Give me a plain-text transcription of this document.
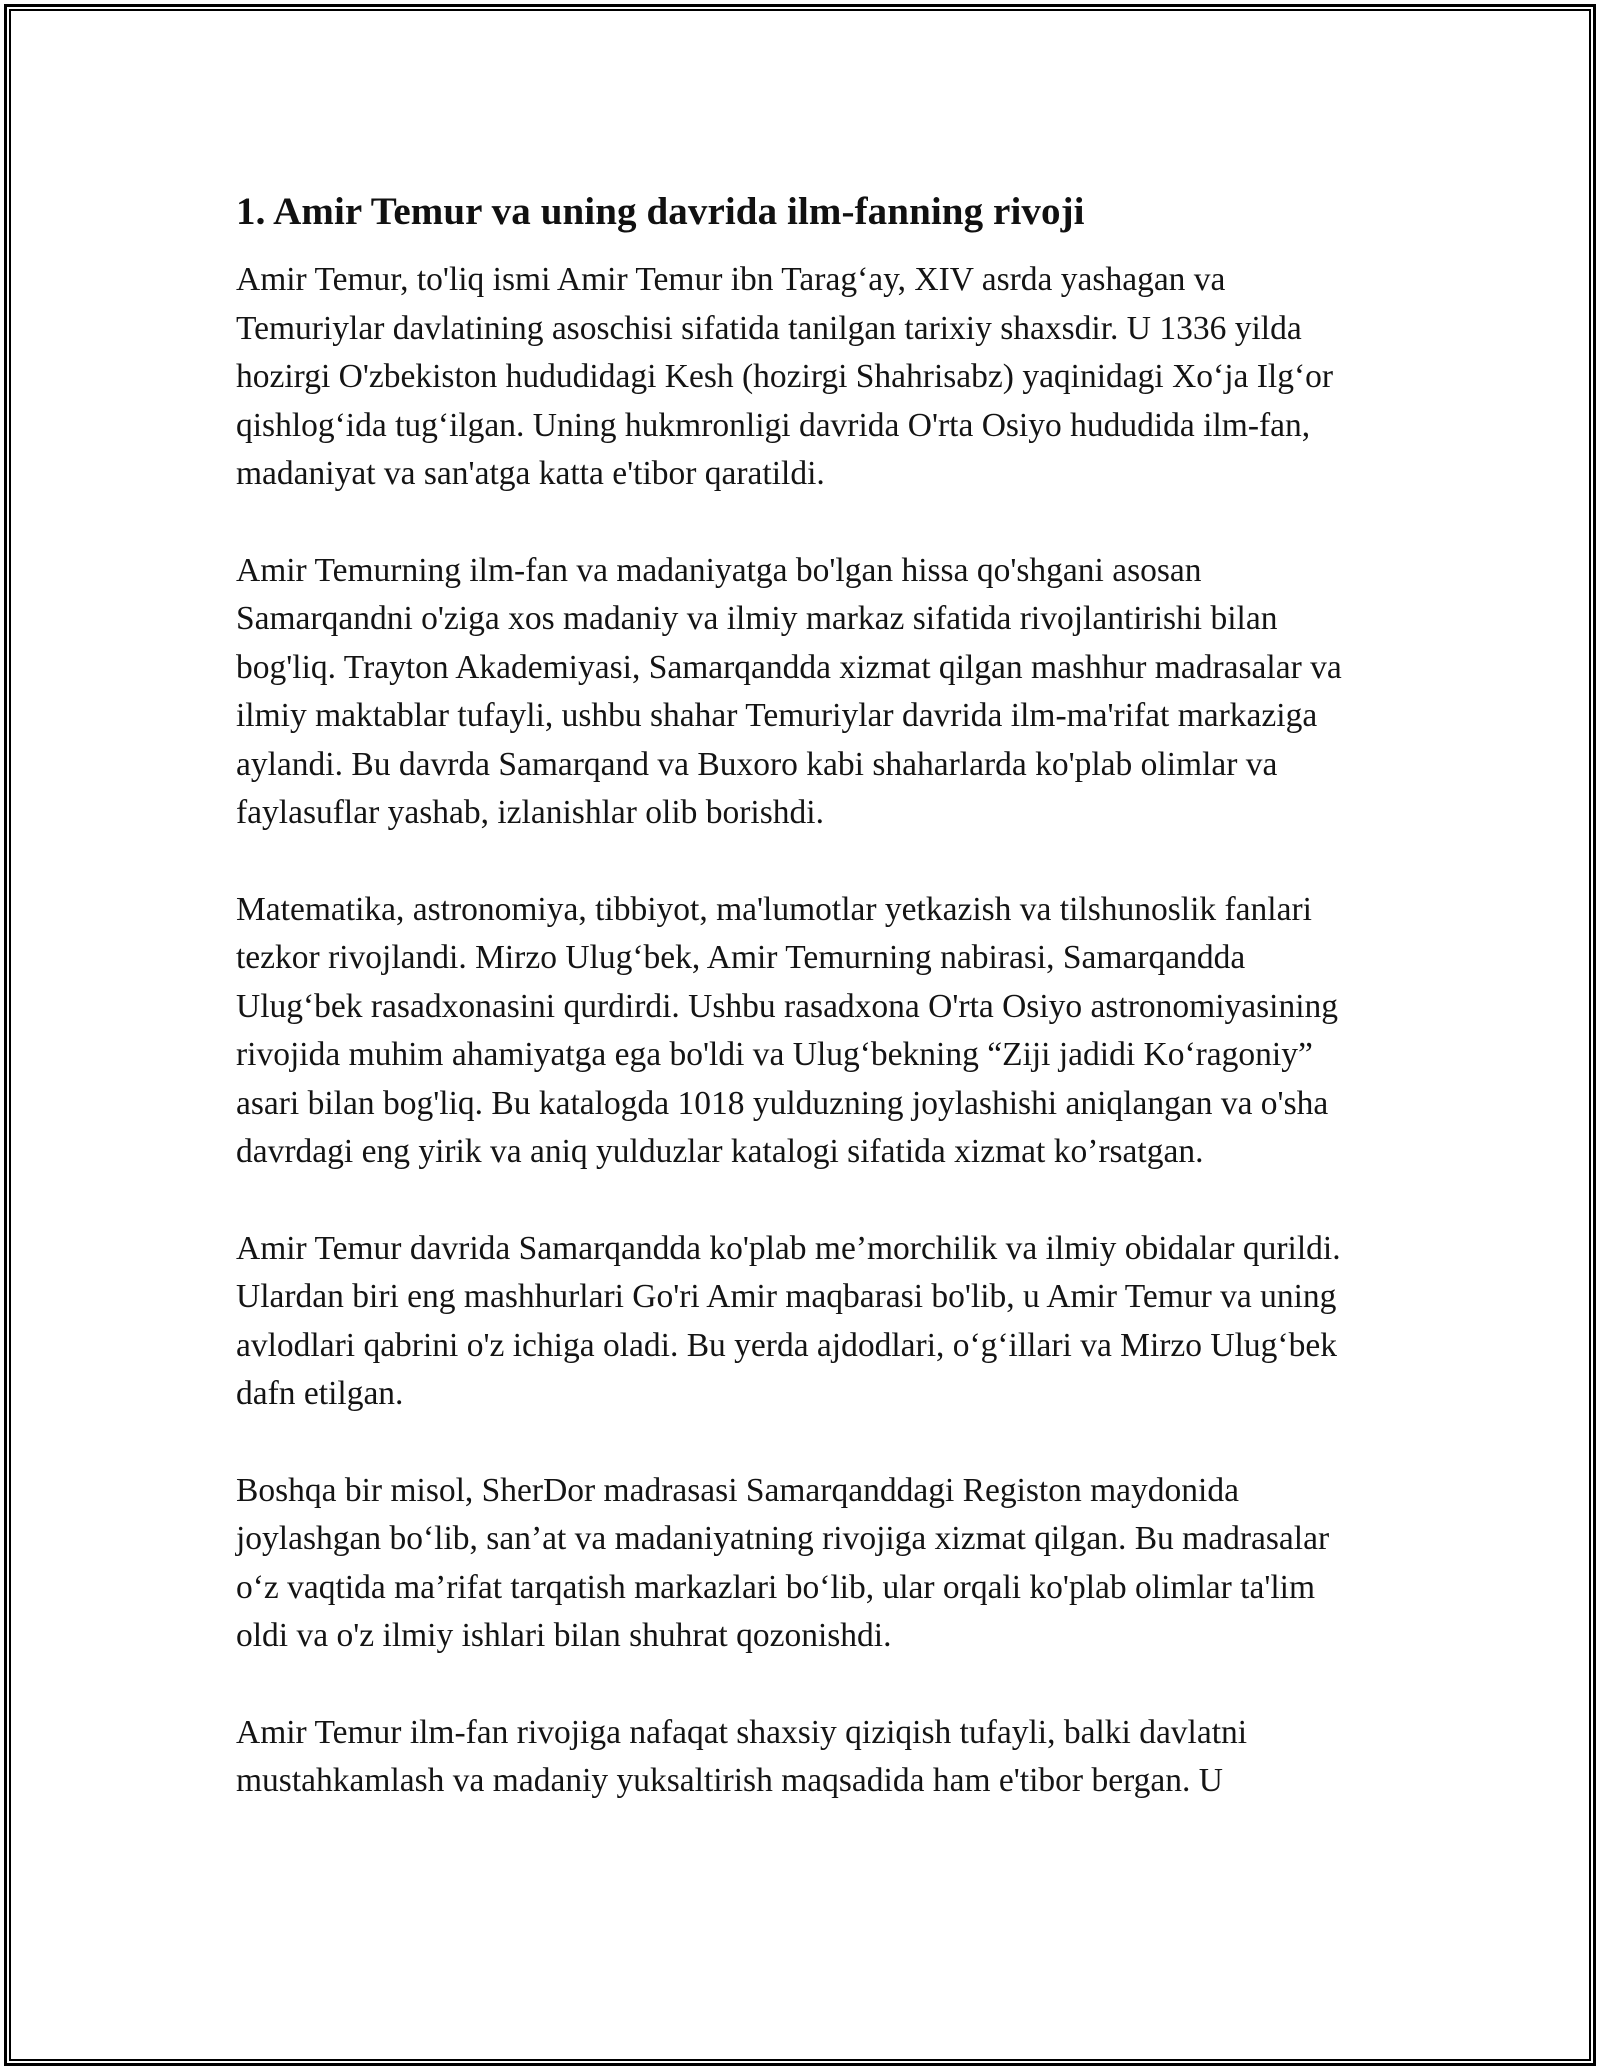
1. Amir Temur va uning davrida ilm-fanning rivoji

Amir Temur, to'liq ismi Amir Temur ibn Tarag‘ay, XIV asrda yashagan va Temuriylar davlatining asoschisi sifatida tanilgan tarixiy shaxsdir. U 1336 yilda hozirgi O'zbekiston hududidagi Kesh (hozirgi Shahrisabz) yaqinidagi Xo‘ja Ilg‘or qishlog‘ida tug‘ilgan. Uning hukmronligi davrida O'rta Osiyo hududida ilm-fan, madaniyat va san'atga katta e'tibor qaratildi.

Amir Temurning ilm-fan va madaniyatga bo'lgan hissa qo'shgani asosan Samarqandni o'ziga xos madaniy va ilmiy markaz sifatida rivojlantirishi bilan bog'liq. Trayton Akademiyasi, Samarqandda xizmat qilgan mashhur madrasalar va ilmiy maktablar tufayli, ushbu shahar Temuriylar davrida ilm-ma'rifat markaziga aylandi. Bu davrda Samarqand va Buxoro kabi shaharlarda ko'plab olimlar va faylasuflar yashab, izlanishlar olib borishdi.

Matematika, astronomiya, tibbiyot, ma'lumotlar yetkazish va tilshunoslik fanlari tezkor rivojlandi. Mirzo Ulug‘bek, Amir Temurning nabirasi, Samarqandda Ulug‘bek rasadxonasini qurdirdi. Ushbu rasadxona O'rta Osiyo astronomiyasining rivojida muhim ahamiyatga ega bo'ldi va Ulug‘bekning “Ziji jadidi Ko‘ragoniy” asari bilan bog'liq. Bu katalogda 1018 yulduzning joylashishi aniqlangan va o'sha davrdagi eng yirik va aniq yulduzlar katalogi sifatida xizmat ko’rsatgan.

Amir Temur davrida Samarqandda ko'plab me’morchilik va ilmiy obidalar qurildi. Ulardan biri eng mashhurlari Go'ri Amir maqbarasi bo'lib, u Amir Temur va uning avlodlari qabrini o'z ichiga oladi. Bu yerda ajdodlari, o‘g‘illari va Mirzo Ulug‘bek dafn etilgan.

Boshqa bir misol, SherDor madrasasi Samarqanddagi Registon maydonida joylashgan bo‘lib, san’at va madaniyatning rivojiga xizmat qilgan. Bu madrasalar o‘z vaqtida ma’rifat tarqatish markazlari bo‘lib, ular orqali ko'plab olimlar ta'lim oldi va o'z ilmiy ishlari bilan shuhrat qozonishdi.

Amir Temur ilm-fan rivojiga nafaqat shaxsiy qiziqish tufayli, balki davlatni mustahkamlash va madaniy yuksaltirish maqsadida ham e'tibor bergan. U
